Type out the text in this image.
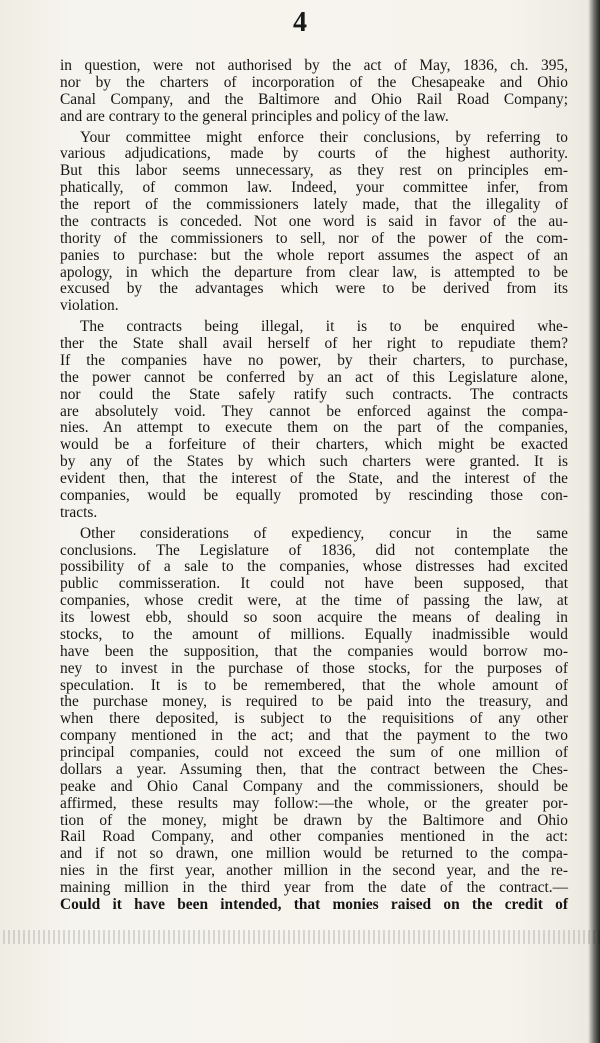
4
in question, were not authorised by the act of May, 1836, ch. 395,
nor by the charters of incorporation of the Chesapeake and Ohio
Canal Company, and the Baltimore and Ohio Rail Road Company;
and are contrary to the general principles and policy of the law.
Your committee might enforce their conclusions, by referring to
various adjudications, made by courts of the highest authority.
But this labor seems unnecessary, as they rest on principles em-
phatically, of common law. Indeed, your committee infer, from
the report of the commissioners lately made, that the illegality of
the contracts is conceded. Not one word is said in favor of the au-
thority of the commissioners to sell, nor of the power of the com-
panies to purchase: but the whole report assumes the aspect of an
apology, in which the departure from clear law, is attempted to be
excused by the advantages which were to be derived from its
violation.
The contracts being illegal, it is to be enquired whe-
ther the State shall avail herself of her right to repudiate them?
If the companies have no power, by their charters, to purchase,
the power cannot be conferred by an act of this Legislature alone,
nor could the State safely ratify such contracts. The contracts
are absolutely void. They cannot be enforced against the compa-
nies. An attempt to execute them on the part of the companies,
would be a forfeiture of their charters, which might be exacted
by any of the States by which such charters were granted. It is
evident then, that the interest of the State, and the interest of the
companies, would be equally promoted by rescinding those con-
tracts.
Other considerations of expediency, concur in the same
conclusions. The Legislature of 1836, did not contemplate the
possibility of a sale to the companies, whose distresses had excited
public commisseration. It could not have been supposed, that
companies, whose credit were, at the time of passing the law, at
its lowest ebb, should so soon acquire the means of dealing in
stocks, to the amount of millions. Equally inadmissible would
have been the supposition, that the companies would borrow mo-
ney to invest in the purchase of those stocks, for the purposes of
speculation. It is to be remembered, that the whole amount of
the purchase money, is required to be paid into the treasury, and
when there deposited, is subject to the requisitions of any other
company mentioned in the act; and that the payment to the two
principal companies, could not exceed the sum of one million of
dollars a year. Assuming then, that the contract between the Ches-
peake and Ohio Canal Company and the commissioners, should be
affirmed, these results may follow:—the whole, or the greater por-
tion of the money, might be drawn by the Baltimore and Ohio
Rail Road Company, and other companies mentioned in the act:
and if not so drawn, one million would be returned to the compa-
nies in the first year, another million in the second year, and the re-
maining million in the third year from the date of the contract.—
Could it have been intended, that monies raised on the credit of
